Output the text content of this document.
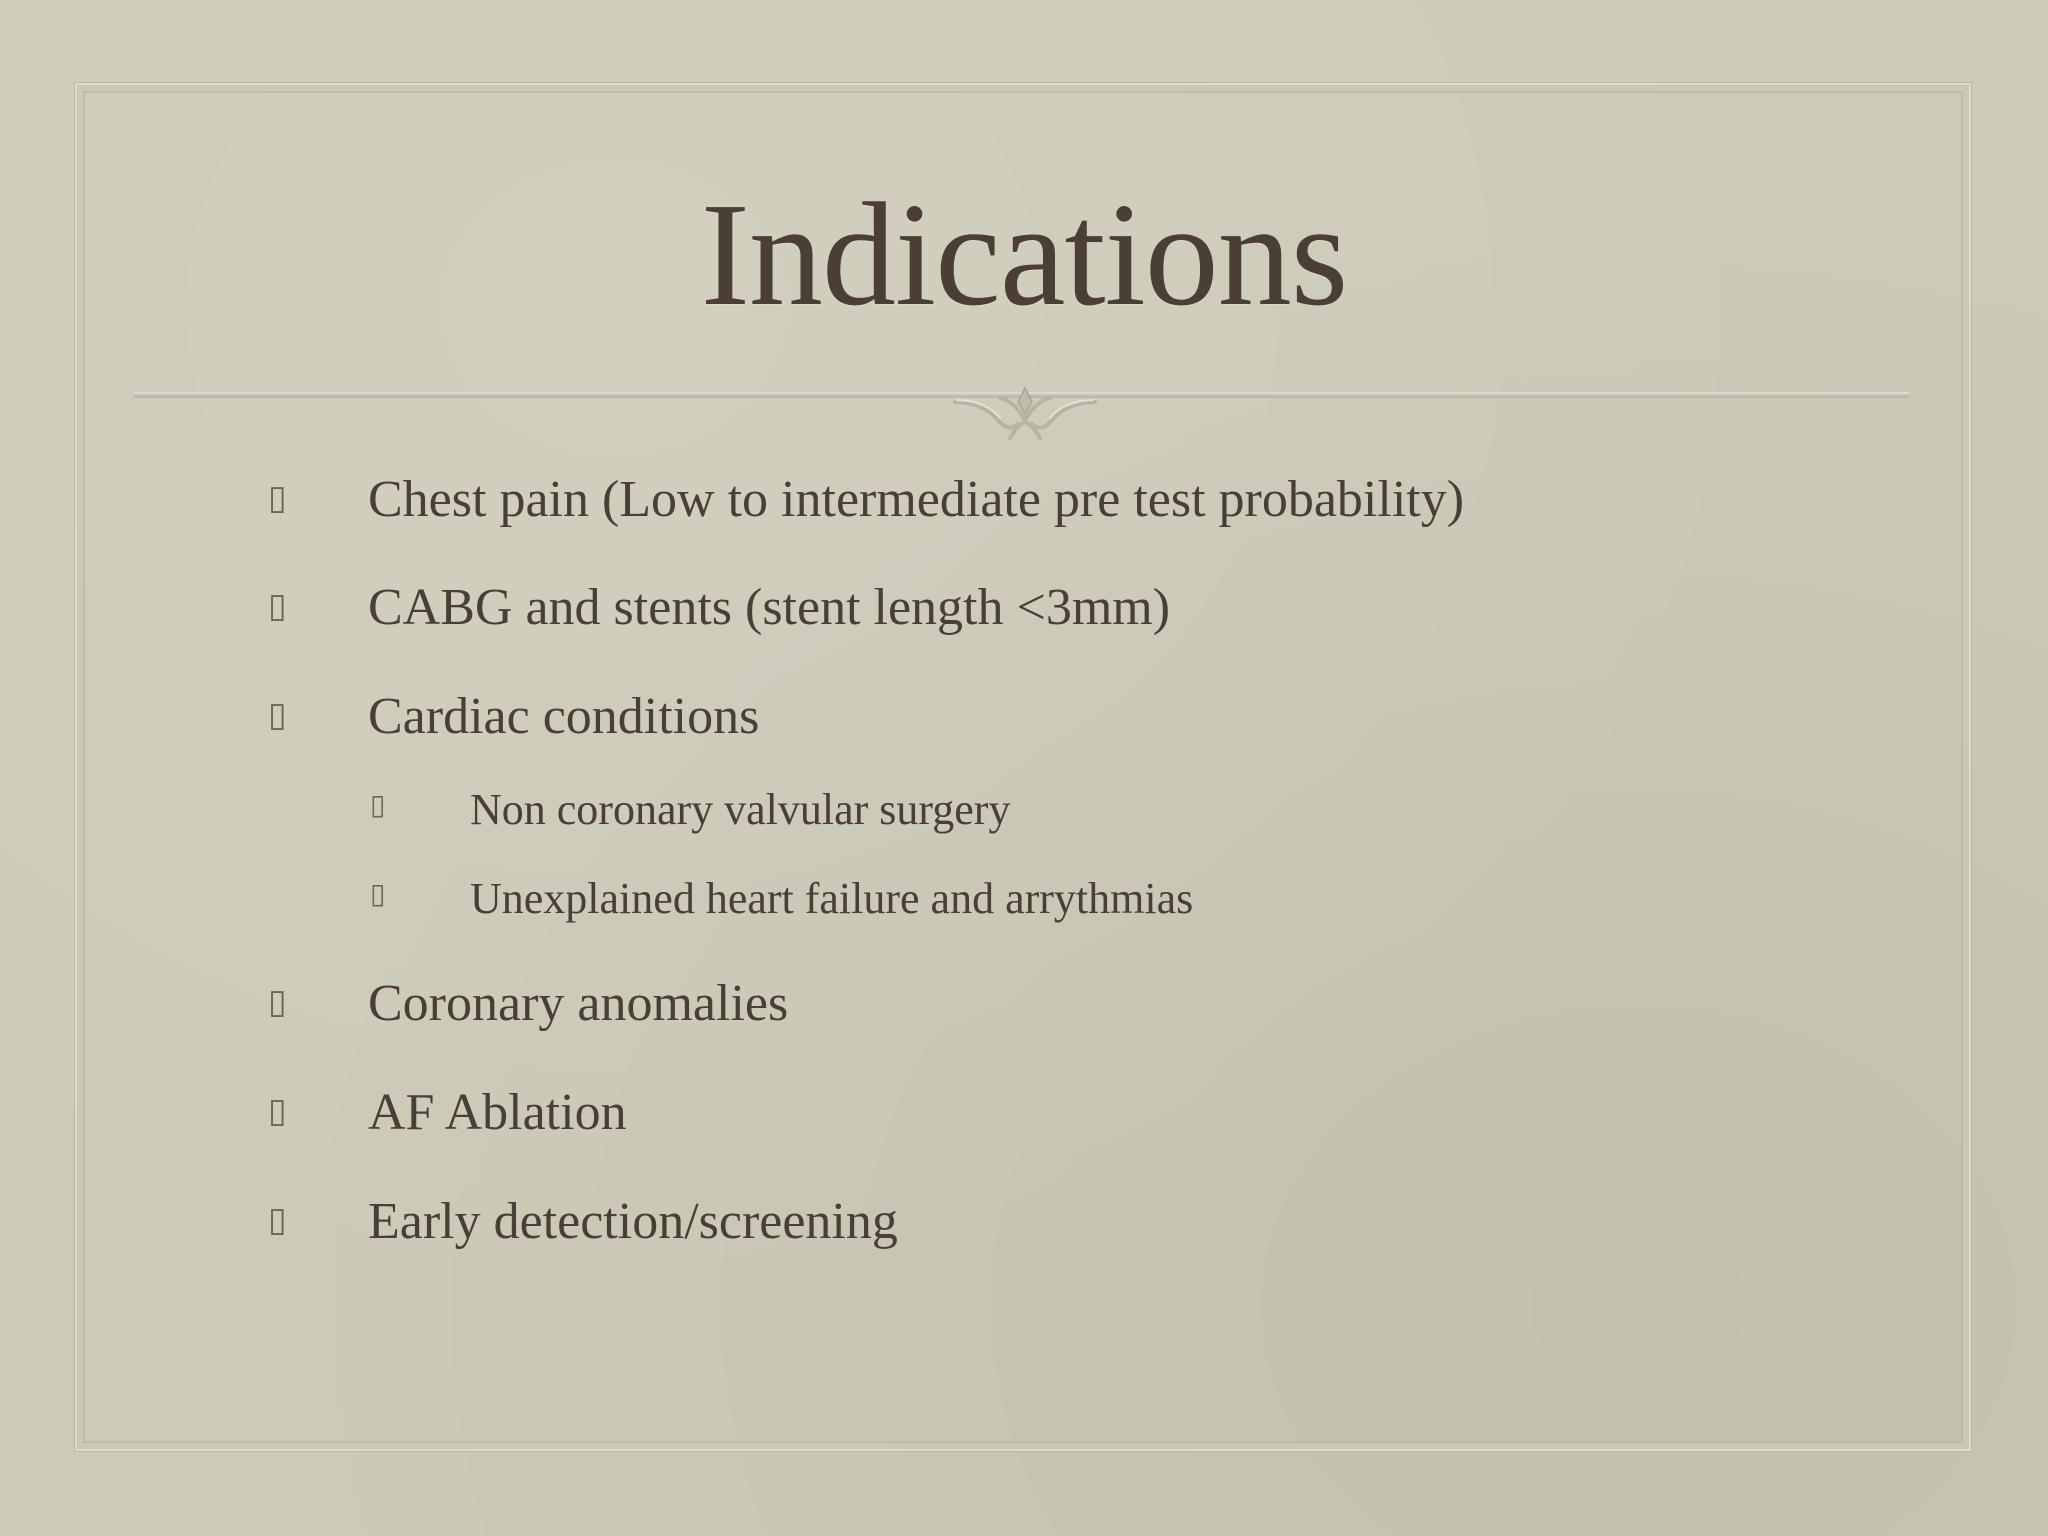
Indications
▯ Chest pain (Low to intermediate pre test probability)
▯ CABG and stents (stent length <3mm)
▯ Cardiac conditions
▯ Non coronary valvular surgery
▯ Unexplained heart failure and arrythmias
▯ Coronary anomalies
▯ AF Ablation
▯ Early detection/screening
